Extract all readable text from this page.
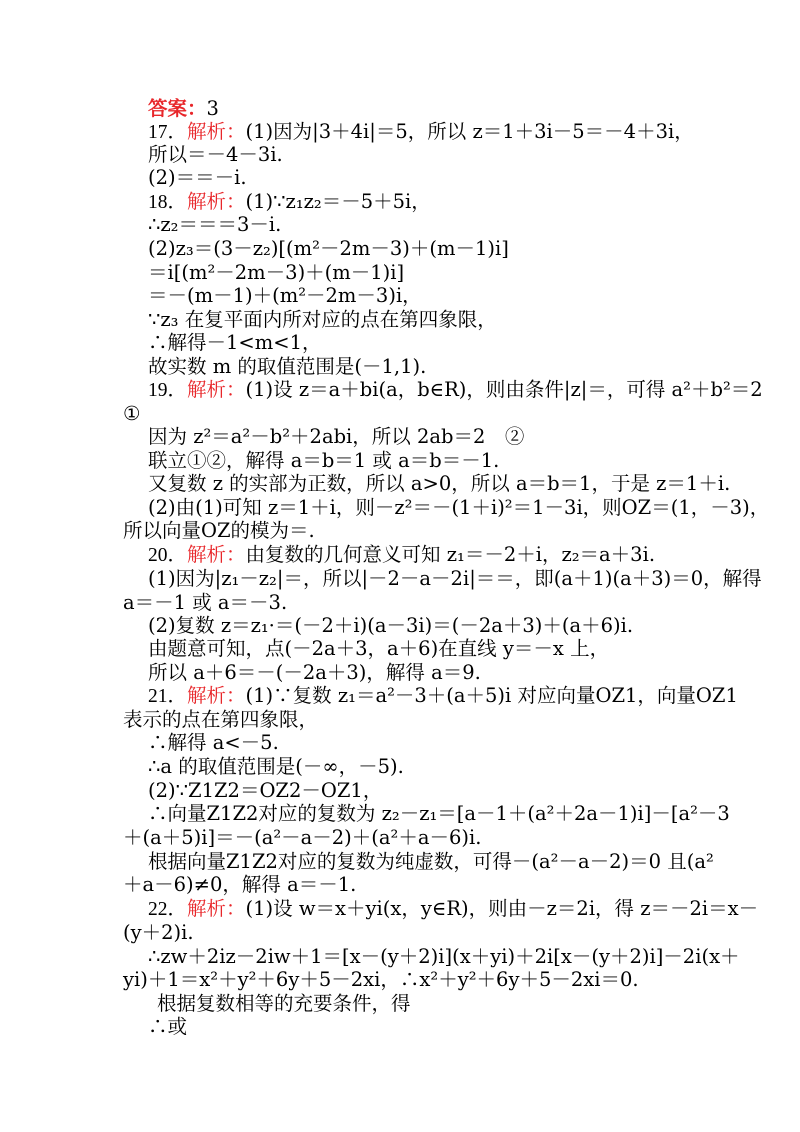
答案：3
17．解析：(1)因为|3＋4i|＝5，所以 z＝1＋3i－5＝－4＋3i，
所以＝－4－3i.
(2)＝＝－i.
18．解析：(1)∵z₁z₂＝－5＋5i，
∴z₂＝＝＝3－i.
(2)z₃＝(3－z₂)[(m²－2m－3)＋(m－1)i]
＝i[(m²－2m－3)＋(m－1)i]
＝－(m－1)＋(m²－2m－3)i，
∵z₃ 在复平面内所对应的点在第四象限，
∴解得－1<m<1，
故实数 m 的取值范围是(－1,1).
19．解析：(1)设 z＝a＋bi(a，b∈R)，则由条件|z|＝，可得 a²＋b²＝2
①
因为 z²＝a²－b²＋2abi，所以 2ab＝2　②
联立①②，解得 a＝b＝1 或 a＝b＝－1.
又复数 z 的实部为正数，所以 a>0，所以 a＝b＝1，于是 z＝1＋i.
(2)由(1)可知 z＝1＋i，则－z²＝－(1＋i)²＝1－3i，则OZ＝(1，－3)，
所以向量OZ的模为＝.
20．解析：由复数的几何意义可知 z₁＝－2＋i，z₂＝a＋3i.
(1)因为|z₁－z₂|＝，所以|－2－a－2i|＝＝，即(a＋1)(a＋3)＝0，解得
a＝－1 或 a＝－3.
(2)复数 z＝z₁·＝(－2＋i)(a－3i)＝(－2a＋3)＋(a＋6)i.
由题意可知，点(－2a＋3，a＋6)在直线 y＝－x 上，
所以 a＋6＝－(－2a＋3)，解得 a＝9.
21．解析：(1)∵复数 z₁＝a²－3＋(a＋5)i 对应向量OZ1，向量OZ1
表示的点在第四象限，
∴解得 a<－5.
∴a 的取值范围是(－∞，－5).
(2)∵Z1Z2＝OZ2－OZ1，
∴向量Z1Z2对应的复数为 z₂－z₁＝[a－1＋(a²＋2a－1)i]－[a²－3
＋(a＋5)i]＝－(a²－a－2)＋(a²＋a－6)i.
根据向量Z1Z2对应的复数为纯虚数，可得－(a²－a－2)＝0 且(a²
＋a－6)≠0，解得 a＝－1.
22．解析：(1)设 w＝x＋yi(x，y∈R)，则由－z＝2i，得 z＝－2i＝x－
(y＋2)i.
∴zw＋2iz－2iw＋1＝[x－(y＋2)i](x＋yi)＋2i[x－(y＋2)i]－2i(x＋
yi)＋1＝x²＋y²＋6y＋5－2xi，∴x²＋y²＋6y＋5－2xi＝0.
根据复数相等的充要条件，得
∴或
